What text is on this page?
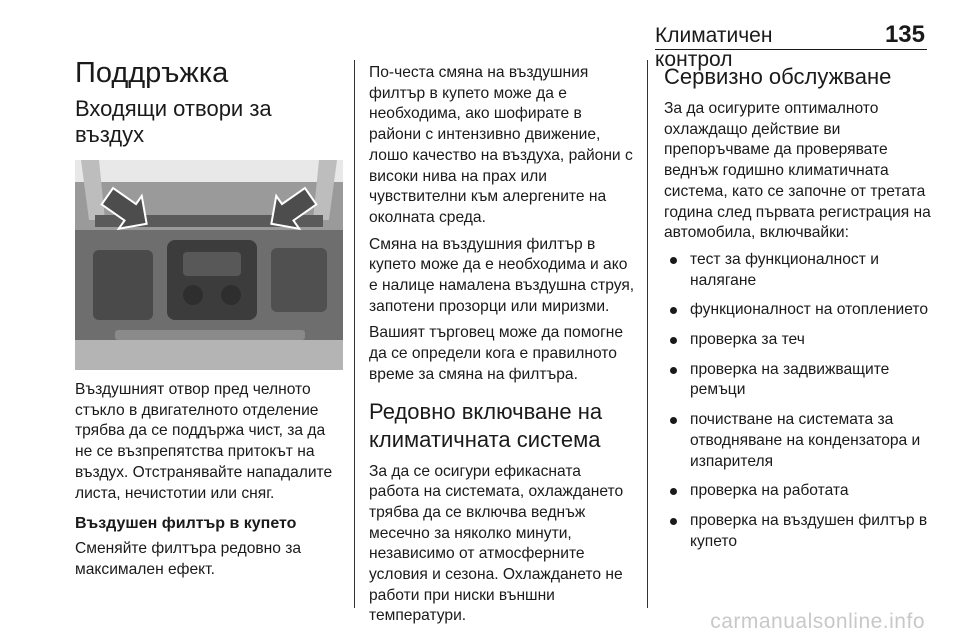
Климатичен контрол
135
Поддръжка
Входящи отвори за въздух

Въздушният отвор пред челното стъкло в двигателното отделение трябва да се поддържа чист, за да не се възпрепятства притокът на въздух. Отстранявайте нападалите листа, нечистотии или сняг.

Въздушен филтър в купето

Сменяйте филтъра редовно за максимален ефект.

По-честа смяна на въздушния филтър в купето може да е необходима, ако шофирате в райони с интензивно движение, лошо качество на въздуха, райони с високи нива на прах или чувствителни към алергените на околната среда.

Смяна на въздушния филтър в купето може да е необходима и ако е налице намалена въздушна струя, запотени прозорци или миризми.

Вашият търговец може да помогне да се определи кога е правилното време за смяна на филтъра.

Редовно включване на климатичната система

За да се осигури ефикасната работа на системата, охлаждането трябва да се включва веднъж месечно за няколко минути, независимо от атмосферните условия и сезона. Охлаждането не работи при ниски външни температури.

Сервизно обслужване

За да осигурите оптималното охлаждащо действие ви препоръчваме да проверявате веднъж годишно климатичната система, като се започне от третата година след първата регистрация на автомобила, включвайки:

тест за функционалност и налягане
функционалност на отоплението
проверка за теч
проверка на задвижващите ремъци
почистване на системата за отводняване на кондензатора и изпарителя
проверка на работата
проверка на въздушен филтър в купето
carmanualsonline.info
